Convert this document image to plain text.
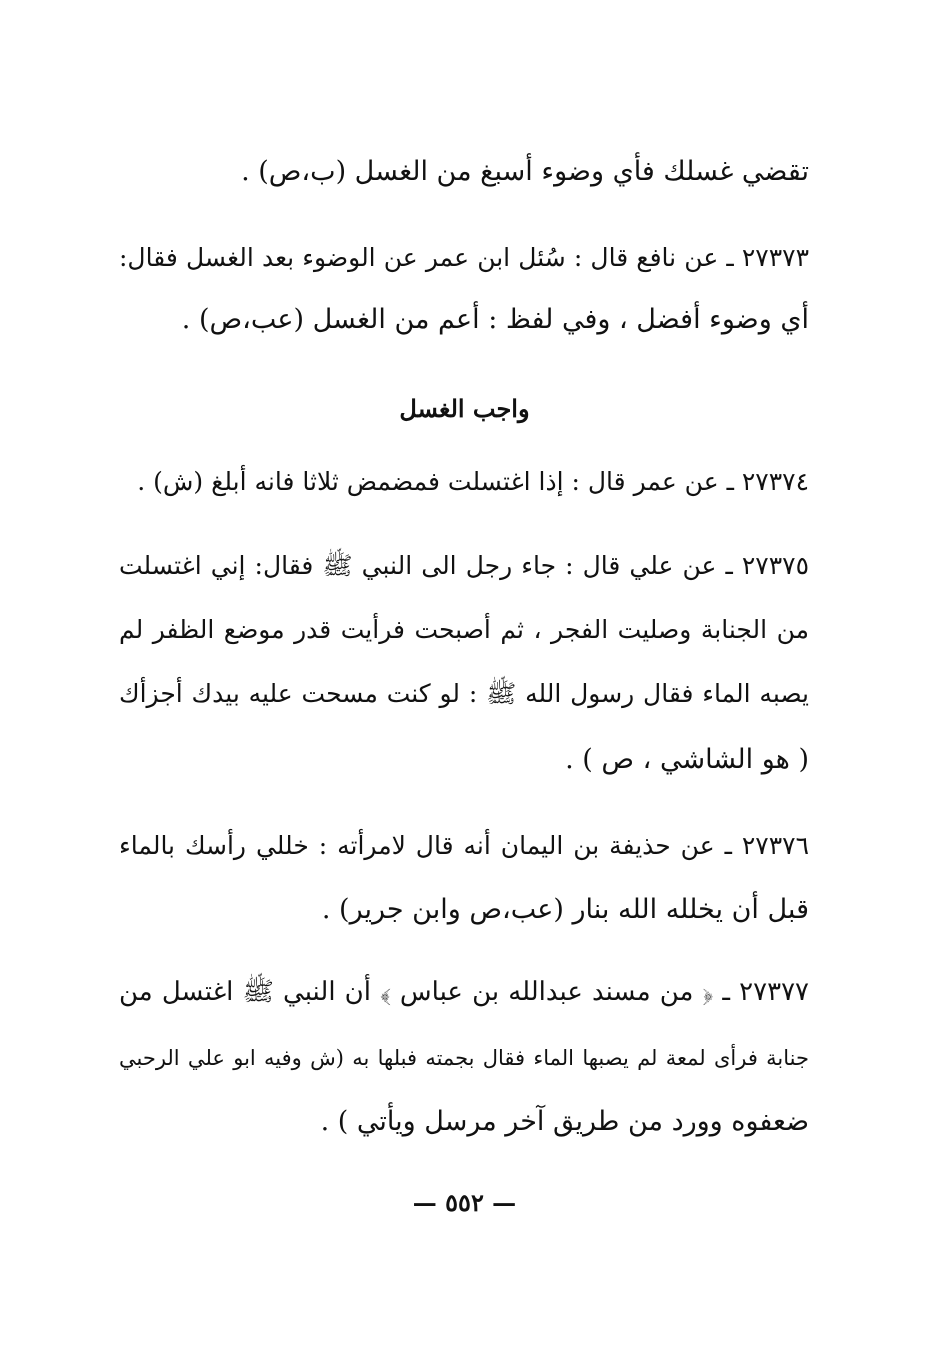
تقضي غسلك فأي وضوء أسبغ من الغسل (ب،ص) .
۲۷۳۷۳ ـ عن نافع قال : سُئل ابن عمر عن الوضوء بعد الغسل فقال:
أي وضوء أفضل ، وفي لفظ : أعم من الغسل (عب،ص) .
واجب الغسل
۲۷۳۷٤ ـ عن عمر قال : إذا اغتسلت فمضمض ثلاثا فانه أبلغ (ش) .
۲۷۳۷٥ ـ عن علي قال : جاء رجل الى النبي ﷺ فقال: إني اغتسلت
من الجنابة وصليت الفجر ، ثم أصبحت فرأيت قدر موضع الظفر لم
يصبه الماء فقال رسول الله ﷺ : لو كنت مسحت عليه بيدك أجزأك
( هو الشاشي ، ص ) .
۲۷۳۷٦ ـ عن حذيفة بن اليمان أنه قال لامرأته : خللي رأسك بالماء
قبل أن يخلله الله بنار (عب،ص وابن جرير) .
۲۷۳۷۷ ـ ﴿ من مسند عبدالله بن عباس ﴾ أن النبي ﷺ اغتسل من
جنابة فرأى لمعة لم يصبها الماء فقال بجمته فبلها به (ش وفيه ابو علي الرحبي
ضعفوه وورد من طريق آخر مرسل ويأتي ) .
— ٥٥٢ —
